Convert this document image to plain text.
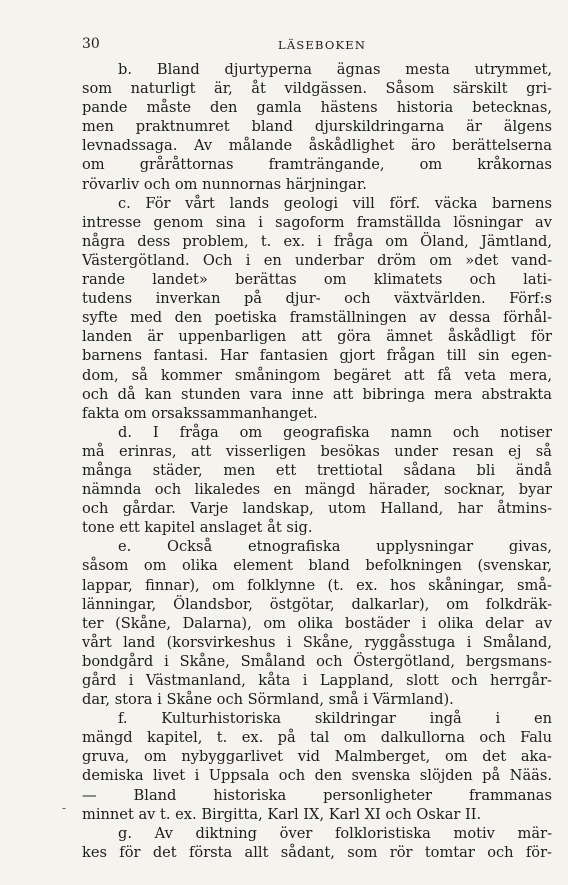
30	LÄSEBOKEN
b. Bland djurtyperna ägnas mesta utrymmet,
som naturligt är, åt vildgässen. Såsom särskilt gri-
pande måste den gamla hästens historia betecknas,
men praktnumret bland djurskildringarna är älgens
levnadssaga. Av målande åskådlighet äro berättelserna
om gråråttornas framträngande, om kråkornas
rövarliv och om nunnornas härjningar.
c. För vårt lands geologi vill förf. väcka barnens
intresse genom sina i sagoform framställda lösningar av
några dess problem, t. ex. i fråga om Öland, Jämtland,
Västergötland. Och i en underbar dröm om »det vand-
rande landet» berättas om klimatets och lati-
tudens inverkan på djur- och växtvärlden. Förf:s
syfte med den poetiska framställningen av dessa förhål-
landen är uppenbarligen att göra ämnet åskådligt för
barnens fantasi. Har fantasien gjort frågan till sin egen-
dom, så kommer småningom begäret att få veta mera,
och då kan stunden vara inne att bibringa mera abstrakta
fakta om orsakssammanhanget.
d. I fråga om geografiska namn och notiser
må erinras, att visserligen besökas under resan ej så
många städer, men ett trettiotal sådana bli ändå
nämnda och likaledes en mängd härader, socknar, byar
och gårdar. Varje landskap, utom Halland, har åtmins-
tone ett kapitel anslaget åt sig.
e. Också etnografiska upplysningar givas,
såsom om olika element bland befolkningen (svenskar,
lappar, finnar), om folklynne (t. ex. hos skåningar, små-
länningar, Ölandsbor, östgötar, dalkarlar), om folkdräk-
ter (Skåne, Dalarna), om olika bostäder i olika delar av
vårt land (korsvirkeshus i Skåne, ryggåsstuga i Småland,
bondgård i Skåne, Småland och Östergötland, bergsmans-
gård i Västmanland, kåta i Lappland, slott och herrgår-
dar, stora i Skåne och Sörmland, små i Värmland).
f. Kulturhistoriska skildringar ingå i en
mängd kapitel, t. ex. på tal om dalkullorna och Falu
gruva, om nybyggarlivet vid Malmberget, om det aka-
demiska livet i Uppsala och den svenska slöjden på Nääs.
— Bland historiska personligheter frammanas
minnet av t. ex. Birgitta, Karl IX, Karl XI och Oskar II.
g. Av diktning över folkloristiska motiv mär-
kes för det första allt sådant, som rör tomtar och för-
-
